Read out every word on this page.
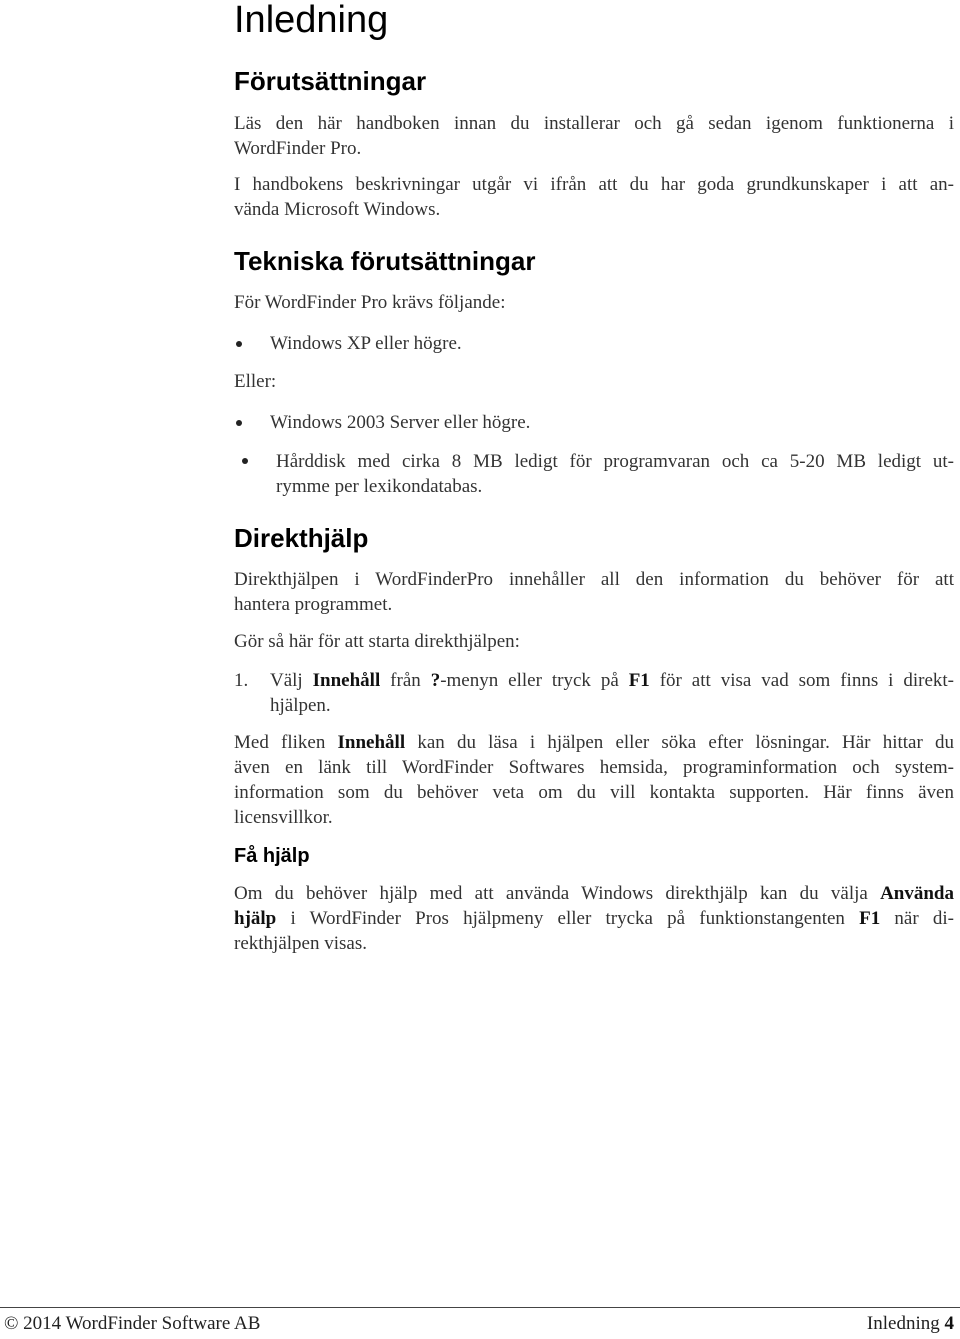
Inledning
Förutsättningar
Läs den här handboken innan du installerar och gå sedan igenom funktionerna i
WordFinder Pro.
I handbokens beskrivningar utgår vi ifrån att du har goda grundkunskaper i att an-
vända Microsoft Windows.
Tekniska förutsättningar
För WordFinder Pro krävs följande:
Windows XP eller högre.
Eller:
Windows 2003 Server eller högre.
Hårddisk med cirka 8 MB ledigt för programvaran och ca 5-20 MB ledigt ut-
rymme per lexikondatabas.
Direkthjälp
Direkthjälpen i WordFinderPro innehåller all den information du behöver för att
hantera programmet.
Gör så här för att starta direkthjälpen:
1.	Välj Innehåll från ?-menyn eller tryck på F1 för att visa vad som finns i direkt-
hjälpen.
Med fliken Innehåll kan du läsa i hjälpen eller söka efter lösningar. Här hittar du
även en länk till WordFinder Softwares hemsida, programinformation och system-
information som du behöver veta om du vill kontakta supporten. Här finns även
licensvillkor.
Få hjälp
Om du behöver hjälp med att använda Windows direkthjälp kan du välja Använda
hjälp i WordFinder Pros hjälpmeny eller trycka på funktionstangenten F1 när di-
rekthjälpen visas.
© 2014 WordFinder Software AB	Inledning 4
